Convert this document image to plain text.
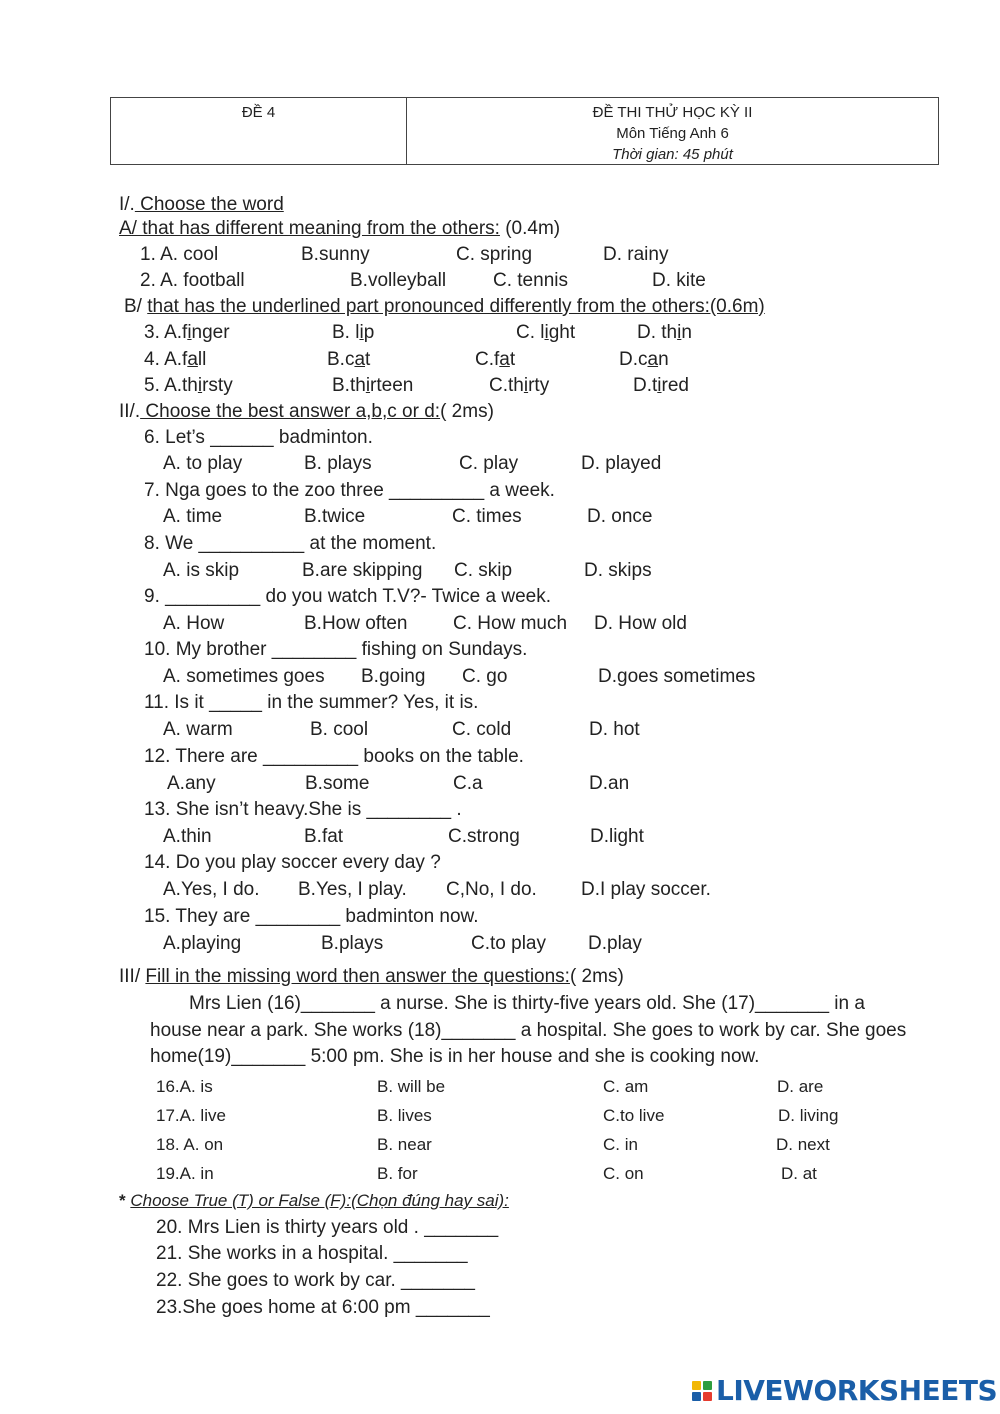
ĐỀ 4	ĐỀ THI THỬ HỌC KỲ II
Môn Tiếng Anh 6
Thời gian: 45 phút
I/. Choose the word
A/ that has different meaning from the others: (0.4m)
1. A. cool	B.sunny	C. spring	D. rainy
2. A. football	B.volleyball C. tennis	D. kite
B/ that has the underlined part pronounced differently from the others:(0.6m)
3. A.finger	B. lip	C. light	D. thin
4. A.fall	B.cat	C.fat	D.can
5. A.thirsty	B.thirteen	C.thirty	D.tired
II/. Choose the best answer a,b,c or d:( 2ms)
6. Let’s ______ badminton.
A. to play	B. plays	C. play	D. played
7. Nga goes to the zoo three _________ a week.
A. time	B.twice	C. times	D. once
8. We __________ at the moment.
A. is skip	B.are skipping C. skip	D. skips
9. _________ do you watch T.V?- Twice a week.
A. How	B.How often C. How much D. How old
10. My brother ________ fishing on Sundays.
A. sometimes goes B.going C. go	D.goes sometimes
11. Is it _____ in the summer? Yes, it is.
A. warm	B. cool	C. cold	D. hot
12. There are _________ books on the table.
A.any	B.some	C.a	D.an
13. She isn’t heavy.She is ________ .
A.thin	B.fat	C.strong	D.light
14. Do you play soccer every day ?
A.Yes, I do. B.Yes, I play. C,No, I do. D.I play soccer.
15. They are ________ badminton now.
A.playing	B.plays	C.to play D.play
III/ Fill in the missing word then answer the questions:( 2ms)
Mrs Lien (16)_______ a nurse. She is thirty-five years old. She (17)_______ in a
house near a park. She works (18)_______ a hospital. She goes to work by car. She goes
home(19)_______ 5:00 pm. She is in her house and she is cooking now.
16.A. is	B. will be	C. am	D. are
17.A. live	B. lives	C.to live	D. living
18. A. on	B. near	C. in	D. next
19.A. in	B. for	C. on	D. at
* Choose True (T) or False (F):(Chọn đúng hay sai):
20. Mrs Lien is thirty years old . _______
21. She works in a hospital. _______
22. She goes to work by car. _______
23.She goes home at 6:00 pm _______
LIVEWORKSHEETS
